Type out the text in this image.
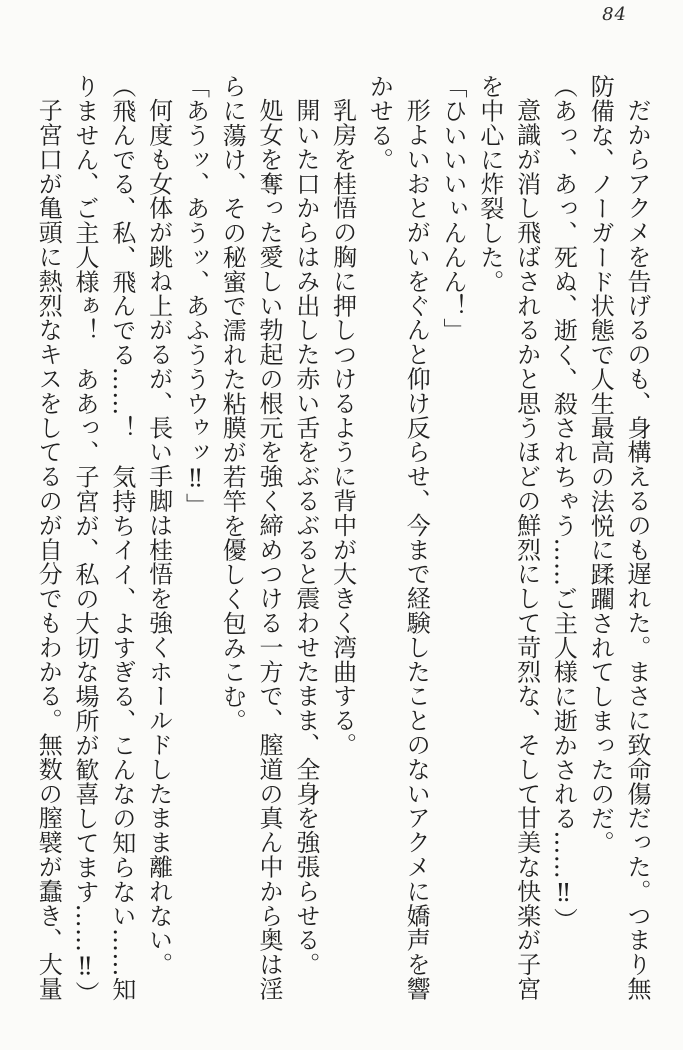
84

だからアクメを告げるのも、身構えるのも遅れた。まさに致命傷だった。つまり無防備な、ノーガード状態で人生最高の法悦に蹂躙されてしまったのだ。

（あっ、あっ、死ぬ、逝く、殺されちゃう……ご主人様に逝かされる……‼）

意識が消し飛ばされるかと思うほどの鮮烈にして苛烈な、そして甘美な快楽が子宮を中心に炸裂した。

「ひいいいぃんんん！」

形よいおとがいをぐんと仰け反らせ、今まで経験したことのないアクメに嬌声を響かせる。

乳房を桂悟の胸に押しつけるように背中が大きく湾曲する。

開いた口からはみ出した赤い舌をぶるぶると震わせたまま、全身を強張らせる。

処女を奪った愛しい勃起の根元を強く締めつける一方で、膣道の真ん中から奥は淫らに蕩け、その秘蜜で濡れた粘膜が若竿を優しく包みこむ。

「あうッ、あうッ、あふううウゥッ‼」

何度も女体が跳ね上がるが、長い手脚は桂悟を強くホールドしたまま離れない。

（飛んでる、私、飛んでる……！　気持ちイイ、よすぎる、こんなの知らない……知りません、ご主人様ぁ！　ああっ、子宮が、私の大切な場所が歓喜してます……‼）

子宮口が亀頭に熱烈なキスをしてるのが自分でもわかる。無数の膣襞が蠢き、大量
